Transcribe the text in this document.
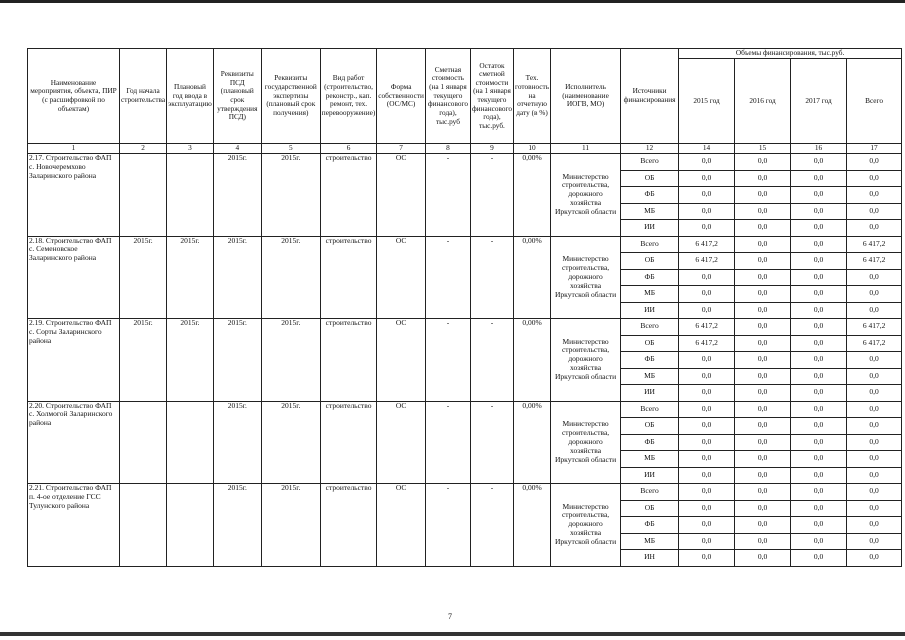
Наименование мероприятия, объекта, ПИР (с расшифровкой по объектам)	Год начала строительства	Плановый год ввода в эксплуатацию	Реквизиты ПСД (плановый срок утверждения ПСД)	Реквизиты государственной экспертизы (плановый срок получения)	Вид работ (строительство, реконстр., кап. ремонт, тех. перевооружение)	Форма собственности (ОС/МС)	Сметная стоимость (на 1 января текущего финансового года), тыс.руб	Остаток сметной стоимости (на 1 января текущего финансового года), тыс.руб.	Тех. готовность на отчетную дату (в %)	Исполнитель (наименование ИОГВ, МО)	Источники финансирования	Объемы финансирования, тыс.руб.			
												2015 год	2016 год	2017 год	Всего
1	2	3	4	5	6	7	8	9	10	11	12	14	15	16	17
2.17. Строительство ФАП с. Новочеремхово Заларинского района			2015г.	2015г.	строительство	ОС	-	-	0,00%	Министерство строительства, дорожного хозяйства Иркутской области	Всего	0,0	0,0	0,0	0,0
											ОБ	0,0	0,0	0,0	0,0
											ФБ	0,0	0,0	0,0	0,0
											МБ	0,0	0,0	0,0	0,0
											ИИ	0,0	0,0	0,0	0,0
2.18. Строительство ФАП с. Семеновское Заларинского района	2015г.	2015г.	2015г.	2015г.	строительство	ОС	-	-	0,00%	Министерство строительства, дорожного хозяйства Иркутской области	Всего	6 417,2	0,0	0,0	6 417,2
											ОБ	6 417,2	0,0	0,0	6 417,2
											ФБ	0,0	0,0	0,0	0,0
											МБ	0,0	0,0	0,0	0,0
											ИИ	0,0	0,0	0,0	0,0
2.19. Строительство ФАП с. Сорты Заларинского района	2015г.	2015г.	2015г.	2015г.	строительство	ОС	-	-	0,00%	Министерство строительства, дорожного хозяйства Иркутской области	Всего	6 417,2	0,0	0,0	6 417,2
											ОБ	6 417,2	0,0	0,0	6 417,2
											ФБ	0,0	0,0	0,0	0,0
											МБ	0,0	0,0	0,0	0,0
											ИИ	0,0	0,0	0,0	0,0
2.20. Строительство ФАП с. Холмогой Заларинского района			2015г.	2015г.	строительство	ОС	-	-	0,00%	Министерство строительства, дорожного хозяйства Иркутской области	Всего	0,0	0,0	0,0	0,0
											ОБ	0,0	0,0	0,0	0,0
											ФБ	0,0	0,0	0,0	0,0
											МБ	0,0	0,0	0,0	0,0
											ИИ	0,0	0,0	0,0	0,0
2.21. Строительство ФАП п. 4-ое отделение ГСС Тулунского района			2015г.	2015г.	строительство	ОС	-	-	0,00%	Министерство строительства, дорожного хозяйства Иркутской области	Всего	0,0	0,0	0,0	0,0
											ОБ	0,0	0,0	0,0	0,0
											ФБ	0,0	0,0	0,0	0,0
											МБ	0,0	0,0	0,0	0,0
											ИН	0,0	0,0	0,0	0,0
7
